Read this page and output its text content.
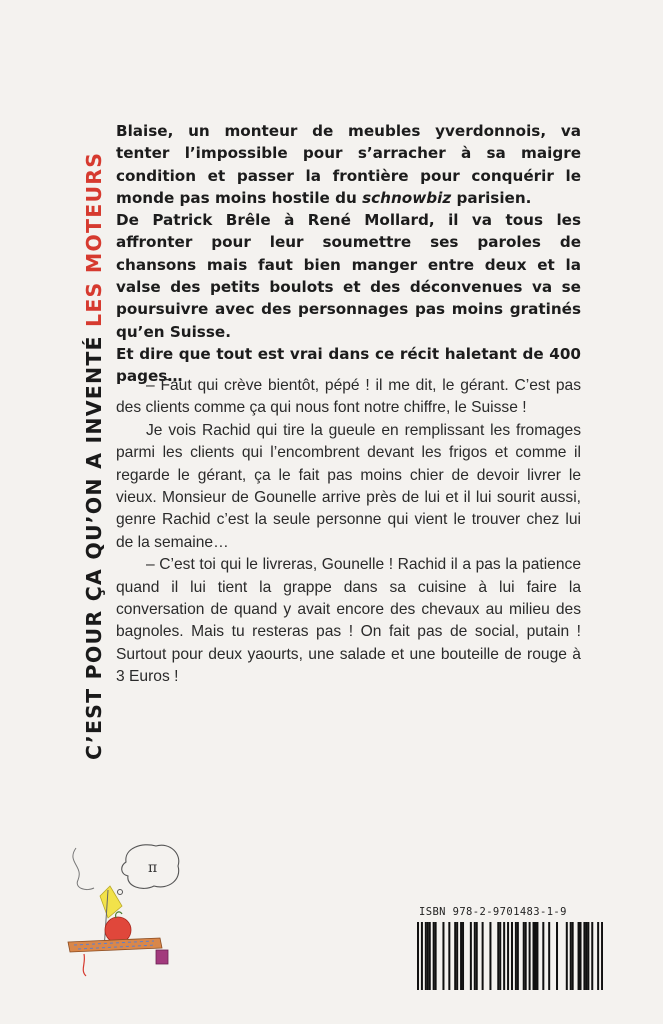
C’EST POUR ÇA QU’ON A INVENTÉ LES MOTEURS

Blaise, un monteur de meubles yverdonnois, va tenter l’impossible pour s’arracher à sa maigre condition et passer la frontière pour conquérir le monde pas moins hostile du schnowbiz parisien.

De Patrick Brêle à René Mollard, il va tous les affronter pour leur soumettre ses paroles de chansons mais faut bien manger entre deux et la valse des petits boulots et des déconvenues va se poursuivre avec des personnages pas moins gratinés qu’en Suisse.

Et dire que tout est vrai dans ce récit haletant de 400 pages…

– Faut qui crève bientôt, pépé ! il me dit, le gérant. C’est pas des clients comme ça qui nous font notre chiffre, le Suisse !

Je vois Rachid qui tire la gueule en remplissant les fromages parmi les clients qui l’encombrent devant les frigos et comme il regarde le gérant, ça le fait pas moins chier de devoir livrer le vieux. Monsieur de Gounelle arrive près de lui et il lui sourit aussi, genre Rachid c’est la seule personne qui vient le trouver chez lui de la semaine…

– C’est toi qui le livreras, Gounelle ! Rachid il a pas la patience quand il lui tient la grappe dans sa cuisine à lui faire la conversation de quand y avait encore des chevaux au milieu des bagnoles. Mais tu resteras pas ! On fait pas de social, putain ! Surtout pour deux yaourts, une salade et une bouteille de rouge à 3 Euros !

π
ISBN 978-2-9701483-1-9
